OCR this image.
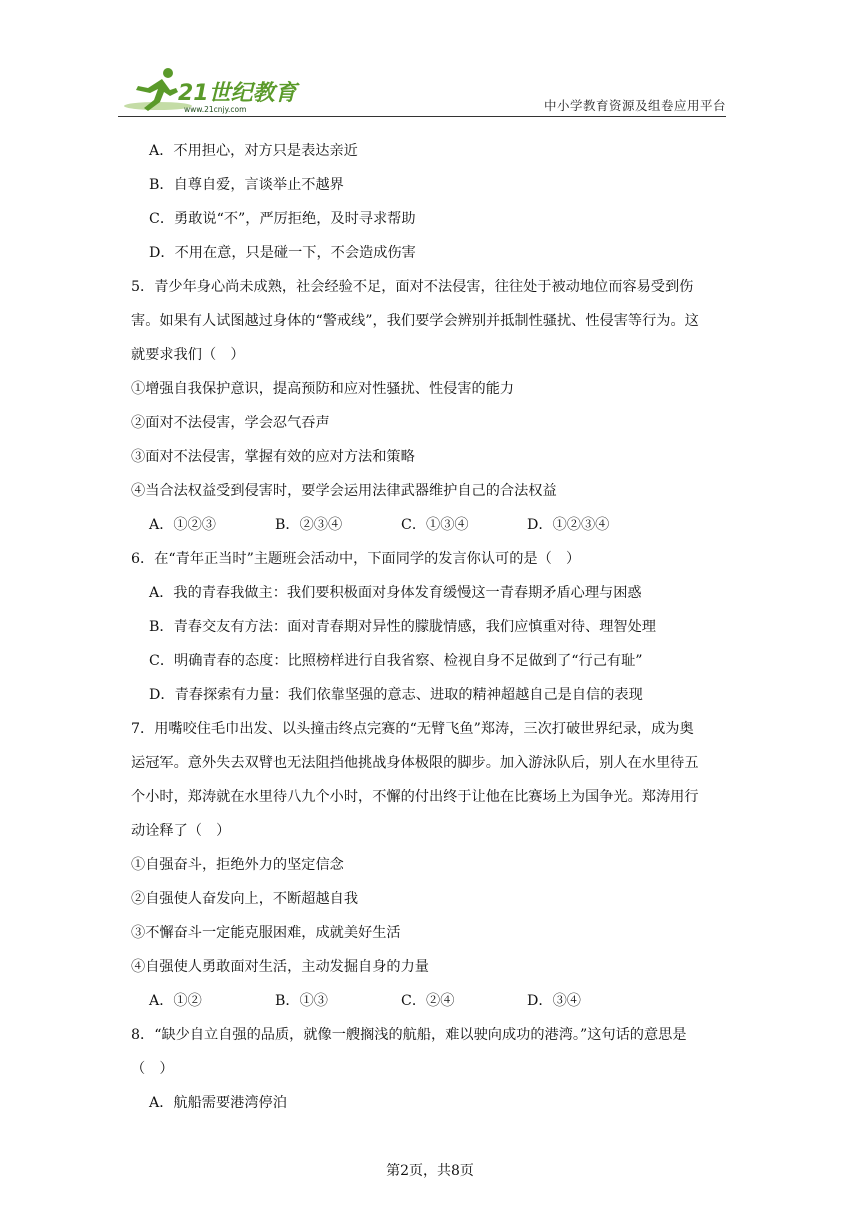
21世纪教育
www.21cnjy.com	中小学教育资源及组卷应用平台
A．不用担心，对方只是表达亲近
B．自尊自爱，言谈举止不越界
C．勇敢说“不”，严厉拒绝，及时寻求帮助
D．不用在意，只是碰一下，不会造成伤害
5．青少年身心尚未成熟，社会经验不足，面对不法侵害，往往处于被动地位而容易受到伤
害。如果有人试图越过身体的“警戒线”，我们要学会辨别并抵制性骚扰、性侵害等行为。这
就要求我们（　）
①增强自我保护意识，提高预防和应对性骚扰、性侵害的能力
②面对不法侵害，学会忍气吞声
③面对不法侵害，掌握有效的应对方法和策略
④当合法权益受到侵害时，要学会运用法律武器维护自己的合法权益
A．①②③	B．②③④	C．①③④	D．①②③④
6．在“青年正当时”主题班会活动中，下面同学的发言你认可的是（　）
A．我的青春我做主：我们要积极面对身体发育缓慢这一青春期矛盾心理与困惑
B．青春交友有方法：面对青春期对异性的朦胧情感，我们应慎重对待、理智处理
C．明确青春的态度：比照榜样进行自我省察、检视自身不足做到了“行己有耻”
D．青春探索有力量：我们依靠坚强的意志、进取的精神超越自己是自信的表现
7．用嘴咬住毛巾出发、以头撞击终点完赛的“无臂飞鱼”郑涛，三次打破世界纪录，成为奥
运冠军。意外失去双臂也无法阻挡他挑战身体极限的脚步。加入游泳队后，别人在水里待五
个小时，郑涛就在水里待八九个小时，不懈的付出终于让他在比赛场上为国争光。郑涛用行
动诠释了（　）
①自强奋斗，拒绝外力的坚定信念
②自强使人奋发向上，不断超越自我
③不懈奋斗一定能克服困难，成就美好生活
④自强使人勇敢面对生活，主动发掘自身的力量
A．①②	B．①③	C．②④	D．③④
8．“缺少自立自强的品质，就像一艘搁浅的航船，难以驶向成功的港湾。”这句话的意思是
（　）
A．航船需要港湾停泊
第2页，共8页
